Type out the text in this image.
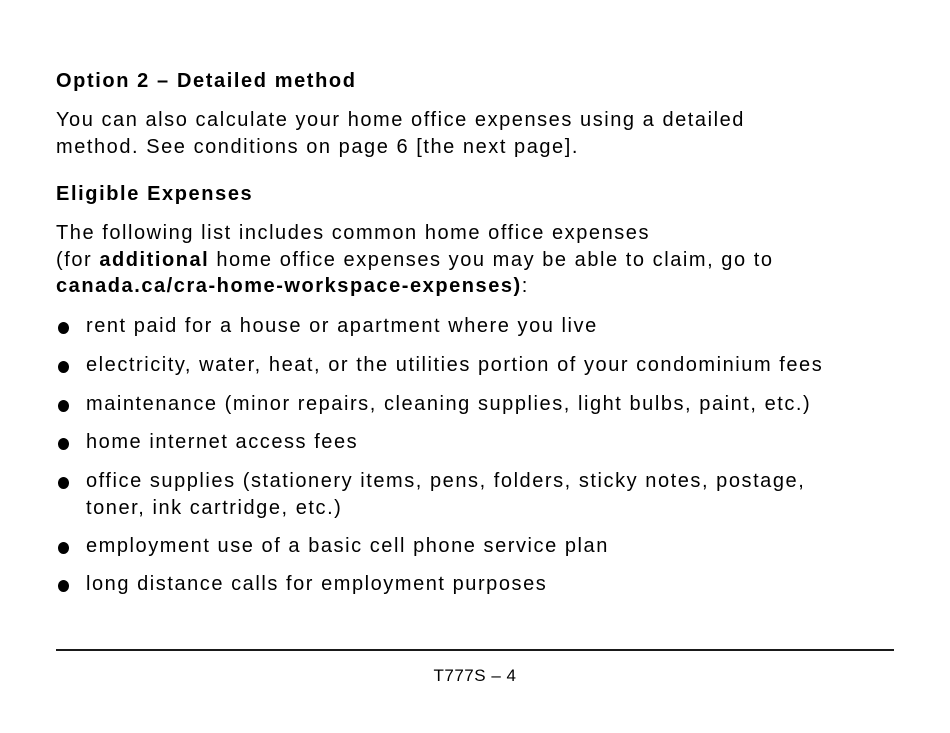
Option 2 – Detailed method
You can also calculate your home office expenses using a detailed
method. See conditions on page 6 [the next page].
Eligible Expenses
The following list includes common home office expenses
(for additional home office expenses you may be able to claim, go to
canada.ca/cra-home-workspace-expenses):
rent paid for a house or apartment where you live
electricity, water, heat, or the utilities portion of your condominium fees
maintenance (minor repairs, cleaning supplies, light bulbs, paint, etc.)
home internet access fees
office supplies (stationery items, pens, folders, sticky notes, postage,
toner, ink cartridge, etc.)
employment use of a basic cell phone service plan
long distance calls for employment purposes
T777S – 4
